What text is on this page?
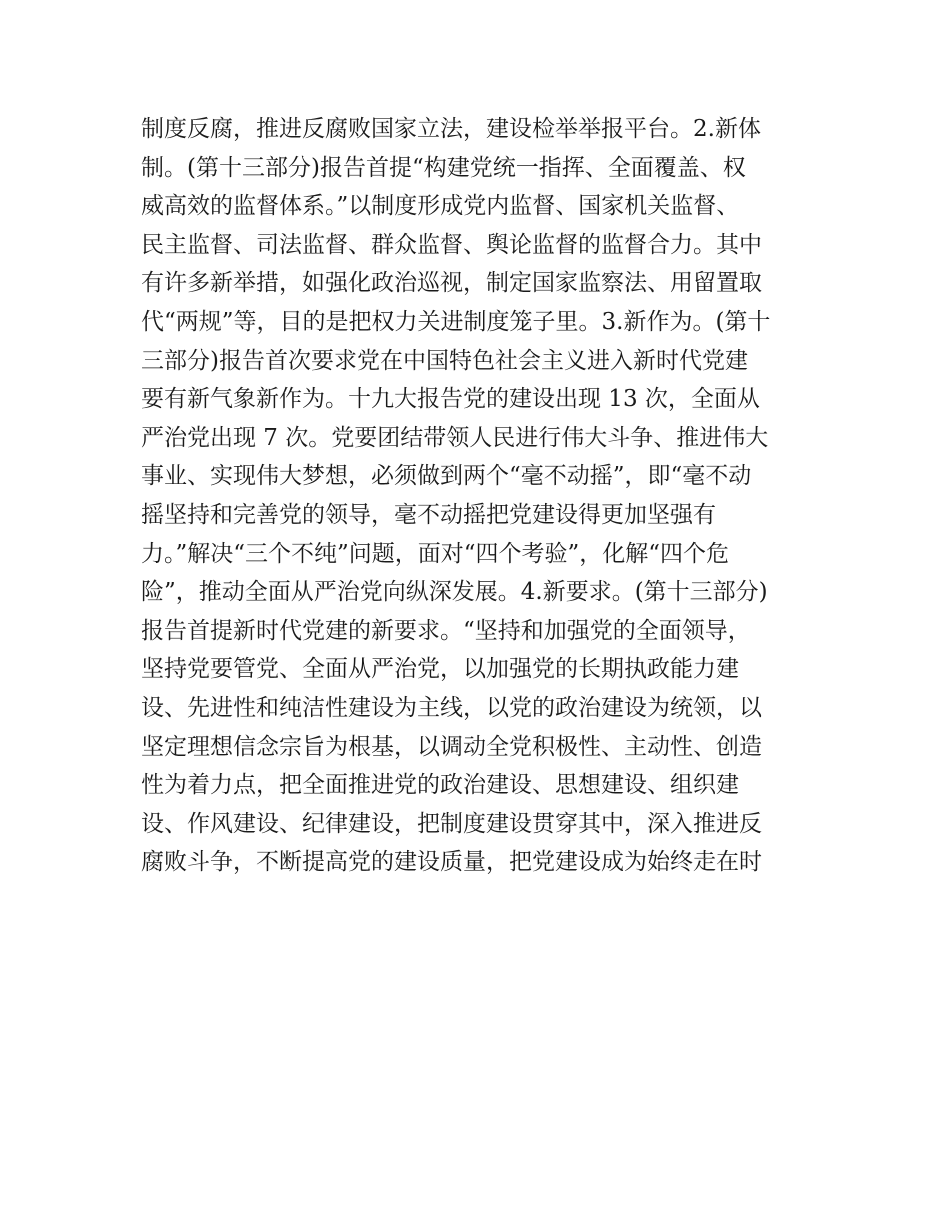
制度反腐，推进反腐败国家立法，建设检举举报平台。2.新体

制。(第十三部分)报告首提“构建党统一指挥、全面覆盖、权

威高效的监督体系。”以制度形成党内监督、国家机关监督、

民主监督、司法监督、群众监督、舆论监督的监督合力。其中

有许多新举措，如强化政治巡视，制定国家监察法、用留置取

代“两规”等，目的是把权力关进制度笼子里。3.新作为。(第十

三部分)报告首次要求党在中国特色社会主义进入新时代党建

要有新气象新作为。十九大报告党的建设出现 13 次，全面从

严治党出现 7 次。党要团结带领人民进行伟大斗争、推进伟大

事业、实现伟大梦想，必须做到两个“毫不动摇”，即“毫不动

摇坚持和完善党的领导，毫不动摇把党建设得更加坚强有

力。”解决“三个不纯”问题，面对“四个考验”，化解“四个危

险”，推动全面从严治党向纵深发展。4.新要求。(第十三部分)

报告首提新时代党建的新要求。“坚持和加强党的全面领导，

坚持党要管党、全面从严治党，以加强党的长期执政能力建

设、先进性和纯洁性建设为主线，以党的政治建设为统领，以

坚定理想信念宗旨为根基，以调动全党积极性、主动性、创造

性为着力点，把全面推进党的政治建设、思想建设、组织建

设、作风建设、纪律建设，把制度建设贯穿其中，深入推进反

腐败斗争，不断提高党的建设质量，把党建设成为始终走在时
